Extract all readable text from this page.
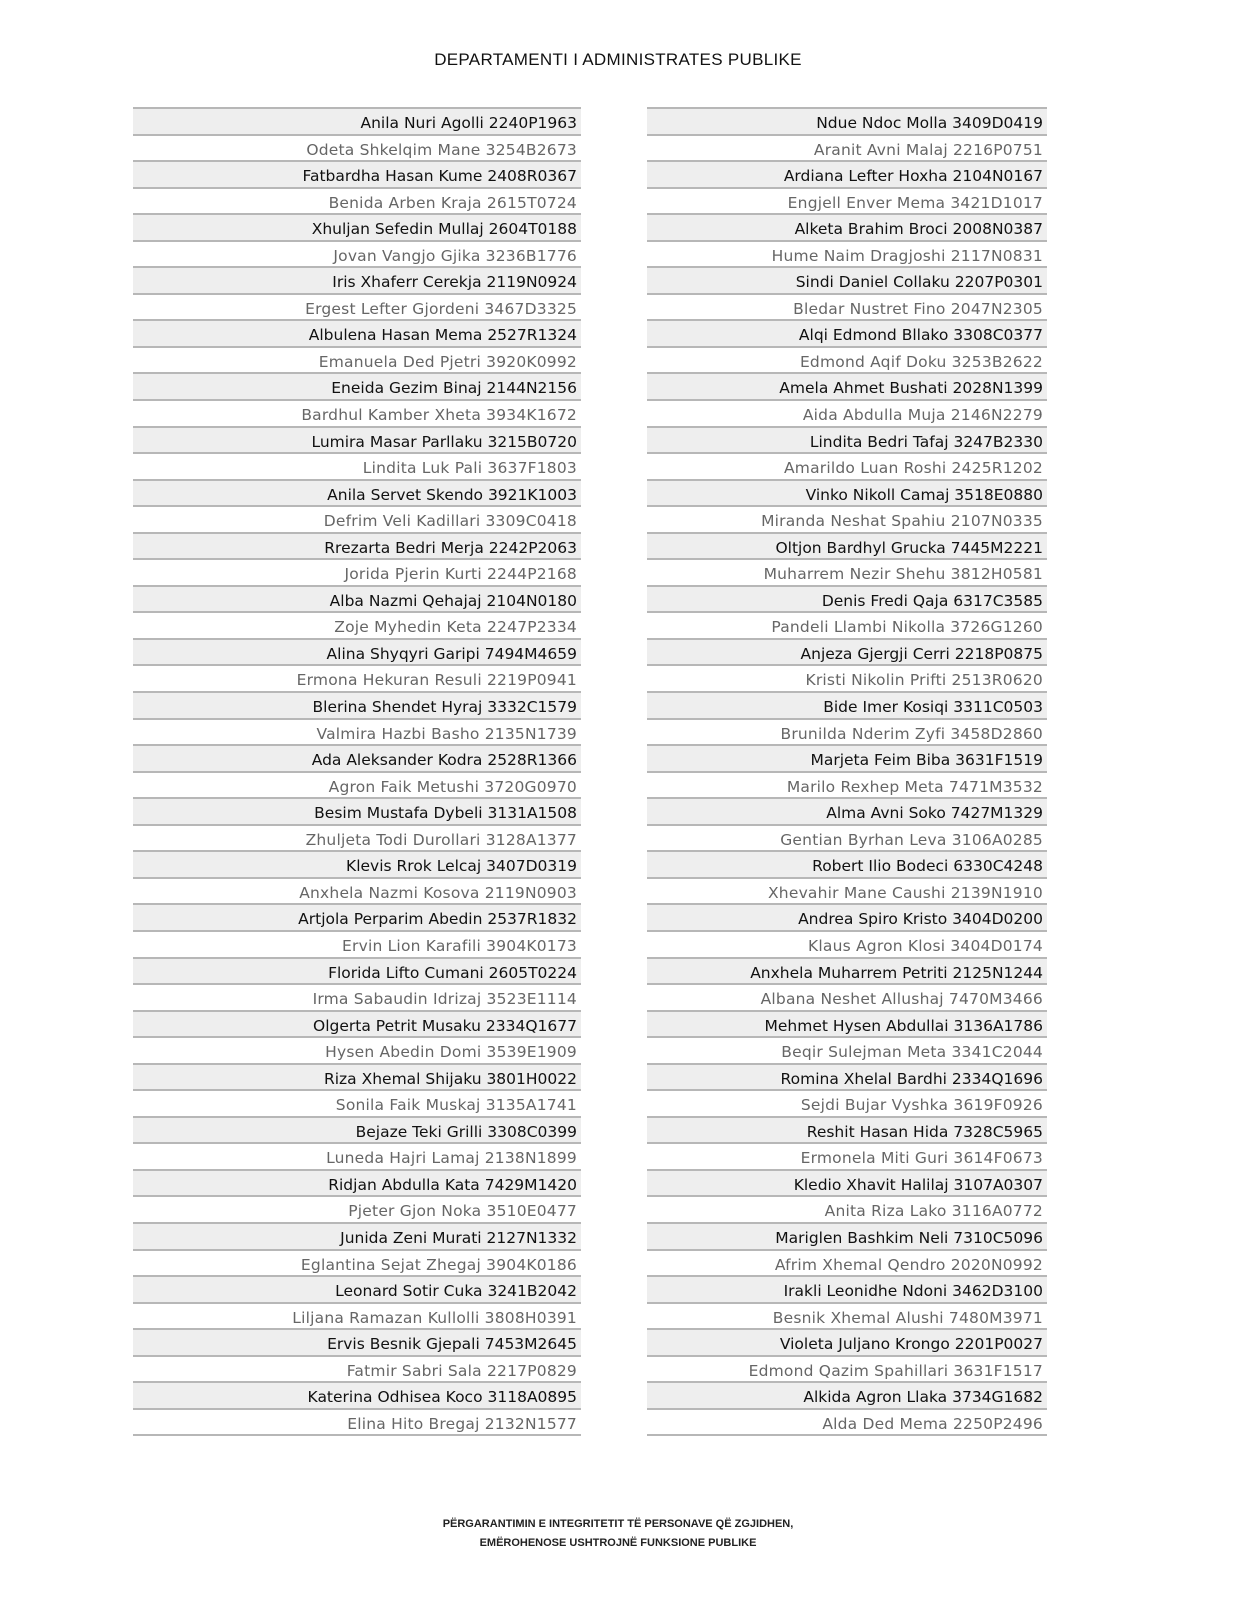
DEPARTAMENTI I ADMINISTRATES PUBLIKE
Anila Nuri Agolli 2240P1963
Odeta Shkelqim Mane 3254B2673
Fatbardha Hasan Kume 2408R0367
Benida Arben Kraja 2615T0724
Xhuljan Sefedin Mullaj 2604T0188
Jovan Vangjo Gjika 3236B1776
Iris Xhaferr Cerekja 2119N0924
Ergest Lefter Gjordeni 3467D3325
Albulena Hasan Mema 2527R1324
Emanuela Ded Pjetri 3920K0992
Eneida Gezim Binaj 2144N2156
Bardhul Kamber Xheta 3934K1672
Lumira Masar Parllaku 3215B0720
Lindita Luk Pali 3637F1803
Anila Servet Skendo 3921K1003
Defrim Veli Kadillari 3309C0418
Rrezarta Bedri Merja 2242P2063
Jorida Pjerin Kurti 2244P2168
Alba Nazmi Qehajaj 2104N0180
Zoje Myhedin Keta 2247P2334
Alina Shyqyri Garipi 7494M4659
Ermona Hekuran Resuli 2219P0941
Blerina Shendet Hyraj 3332C1579
Valmira Hazbi Basho 2135N1739
Ada Aleksander Kodra 2528R1366
Agron Faik Metushi 3720G0970
Besim Mustafa Dybeli 3131A1508
Zhuljeta Todi Durollari 3128A1377
Klevis Rrok Lelcaj 3407D0319
Anxhela Nazmi Kosova 2119N0903
Artjola Perparim Abedin 2537R1832
Ervin Lion Karafili 3904K0173
Florida Lifto Cumani 2605T0224
Irma Sabaudin Idrizaj 3523E1114
Olgerta Petrit Musaku 2334Q1677
Hysen Abedin Domi 3539E1909
Riza Xhemal Shijaku 3801H0022
Sonila Faik Muskaj 3135A1741
Bejaze Teki Grilli 3308C0399
Luneda Hajri Lamaj 2138N1899
Ridjan Abdulla Kata 7429M1420
Pjeter Gjon Noka 3510E0477
Junida Zeni Murati 2127N1332
Eglantina Sejat Zhegaj 3904K0186
Leonard Sotir Cuka 3241B2042
Liljana Ramazan Kullolli 3808H0391
Ervis Besnik Gjepali 7453M2645
Fatmir Sabri Sala 2217P0829
Katerina Odhisea Koco 3118A0895
Elina Hito Bregaj 2132N1577
Ndue Ndoc Molla 3409D0419
Aranit Avni Malaj 2216P0751
Ardiana Lefter Hoxha 2104N0167
Engjell Enver Mema 3421D1017
Alketa Brahim Broci 2008N0387
Hume Naim Dragjoshi 2117N0831
Sindi Daniel Collaku 2207P0301
Bledar Nustret Fino 2047N2305
Alqi Edmond Bllako 3308C0377
Edmond Aqif Doku 3253B2622
Amela Ahmet Bushati 2028N1399
Aida Abdulla Muja 2146N2279
Lindita Bedri Tafaj 3247B2330
Amarildo Luan Roshi 2425R1202
Vinko Nikoll Camaj 3518E0880
Miranda Neshat Spahiu 2107N0335
Oltjon Bardhyl Grucka 7445M2221
Muharrem Nezir Shehu 3812H0581
Denis Fredi Qaja 6317C3585
Pandeli Llambi Nikolla 3726G1260
Anjeza Gjergji Cerri 2218P0875
Kristi Nikolin Prifti 2513R0620
Bide Imer Kosiqi 3311C0503
Brunilda Nderim Zyfi 3458D2860
Marjeta Feim Biba 3631F1519
Marilo Rexhep Meta 7471M3532
Alma Avni Soko 7427M1329
Gentian Byrhan Leva 3106A0285
Robert Ilio Bodeci 6330C4248
Xhevahir Mane Caushi 2139N1910
Andrea Spiro Kristo 3404D0200
Klaus Agron Klosi 3404D0174
Anxhela Muharrem Petriti 2125N1244
Albana Neshet Allushaj 7470M3466
Mehmet Hysen Abdullai 3136A1786
Beqir Sulejman Meta 3341C2044
Romina Xhelal Bardhi 2334Q1696
Sejdi Bujar Vyshka 3619F0926
Reshit Hasan Hida 7328C5965
Ermonela Miti Guri 3614F0673
Kledio Xhavit Halilaj 3107A0307
Anita Riza Lako 3116A0772
Mariglen Bashkim Neli 7310C5096
Afrim Xhemal Qendro 2020N0992
Irakli Leonidhe Ndoni 3462D3100
Besnik Xhemal Alushi 7480M3971
Violeta Juljano Krongo 2201P0027
Edmond Qazim Spahillari 3631F1517
Alkida Agron Llaka 3734G1682
Alda Ded Mema 2250P2496
PËRGARANTIMIN E INTEGRITETIT TË PERSONAVE QË ZGJIDHEN,
EMËROHENOSE USHTROJNË FUNKSIONE PUBLIKE
